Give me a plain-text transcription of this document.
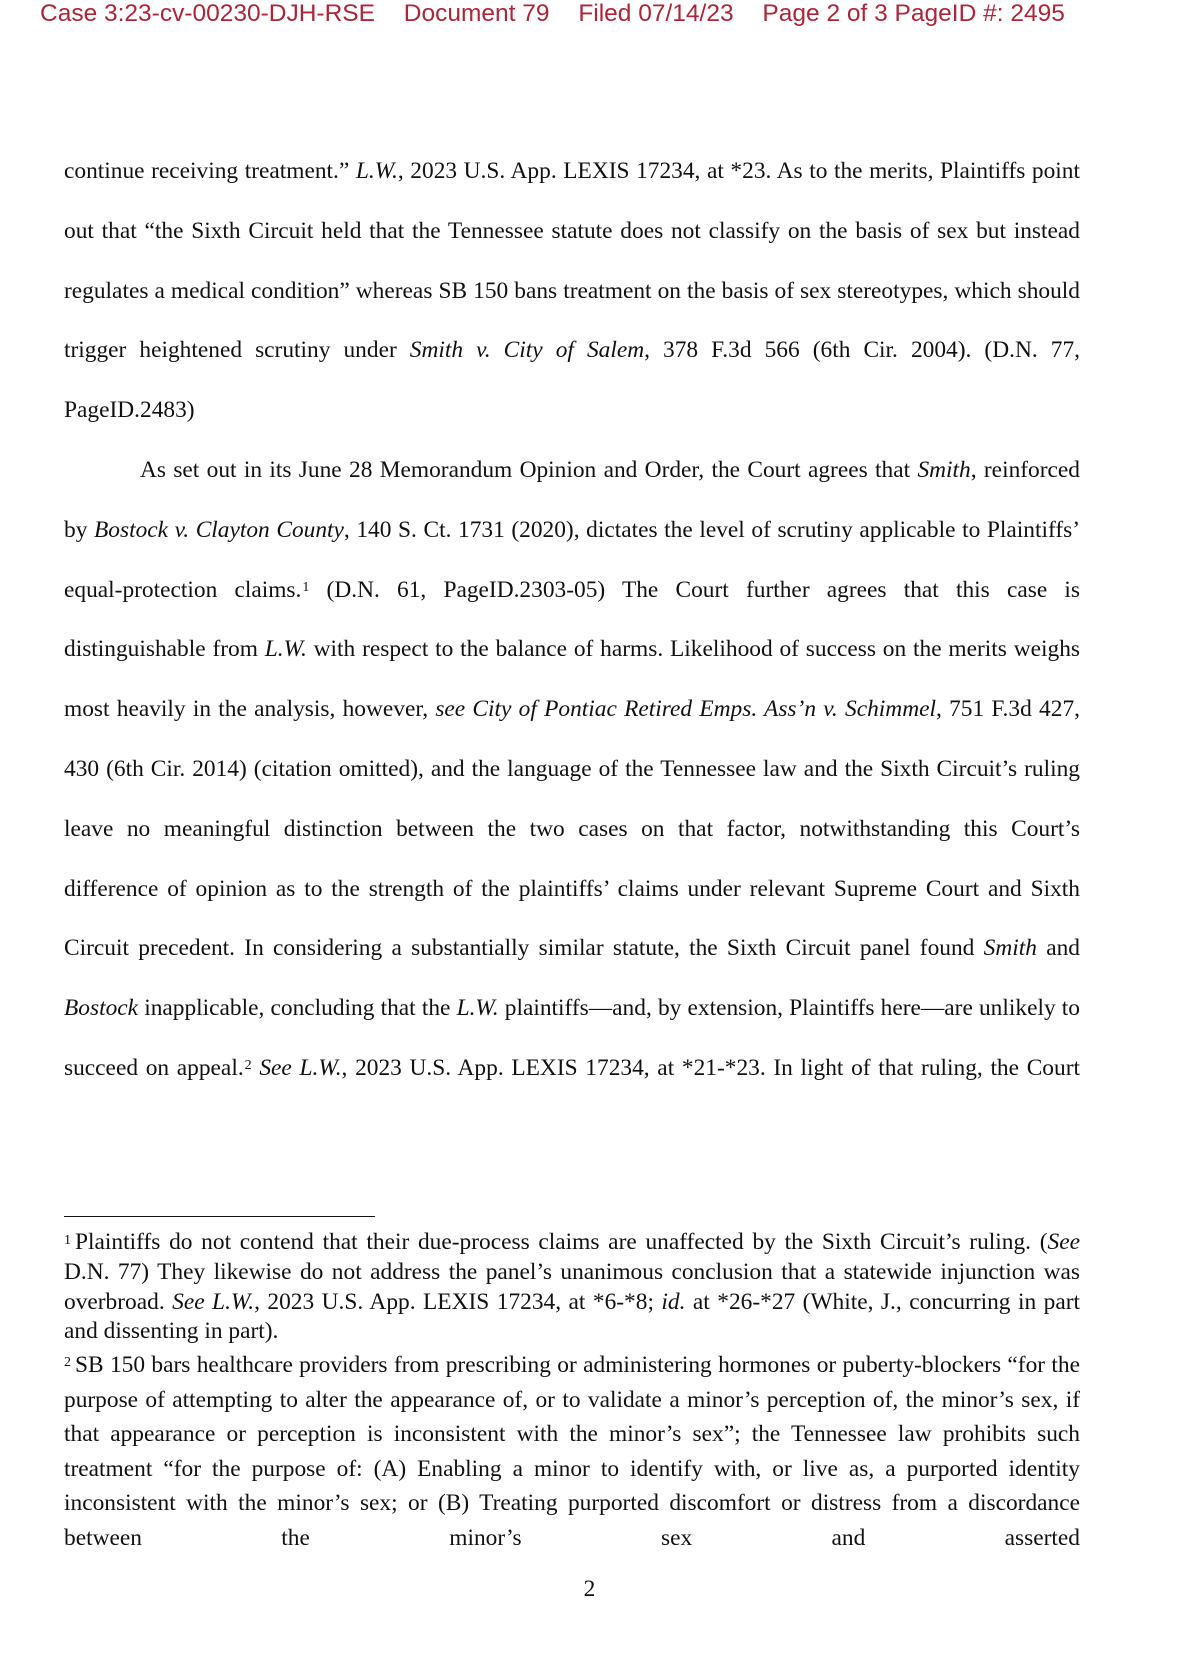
Case 3:23-cv-00230-DJH-RSE Document 79 Filed 07/14/23 Page 2 of 3 PageID #: 2495

continue receiving treatment.” L.W., 2023 U.S. App. LEXIS 17234, at *23. As to the merits, Plaintiffs point out that “the Sixth Circuit held that the Tennessee statute does not classify on the basis of sex but instead regulates a medical condition” whereas SB 150 bans treatment on the basis of sex stereotypes, which should trigger heightened scrutiny under Smith v. City of Salem, 378 F.3d 566 (6th Cir. 2004). (D.N. 77, PageID.2483)

As set out in its June 28 Memorandum Opinion and Order, the Court agrees that Smith, reinforced by Bostock v. Clayton County, 140 S. Ct. 1731 (2020), dictates the level of scrutiny applicable to Plaintiffs’ equal-protection claims.$^1$ (D.N. 61, PageID.2303-05) The Court further agrees that this case is distinguishable from L.W. with respect to the balance of harms. Likelihood of success on the merits weighs most heavily in the analysis, however, see City of Pontiac Retired Emps. Ass’n v. Schimmel, 751 F.3d 427, 430 (6th Cir. 2014) (citation omitted), and the language of the Tennessee law and the Sixth Circuit’s ruling leave no meaningful distinction between the two cases on that factor, notwithstanding this Court’s difference of opinion as to the strength of the plaintiffs’ claims under relevant Supreme Court and Sixth Circuit precedent. In considering a substantially similar statute, the Sixth Circuit panel found Smith and Bostock inapplicable, concluding that the L.W. plaintiffs—and, by extension, Plaintiffs here—are unlikely to succeed on appeal.$^2$ See L.W., 2023 U.S. App. LEXIS 17234, at *21-*23. In light of that ruling, the Court

$^1$ Plaintiffs do not contend that their due-process claims are unaffected by the Sixth Circuit’s ruling. (See D.N. 77) They likewise do not address the panel’s unanimous conclusion that a statewide injunction was overbroad. See L.W., 2023 U.S. App. LEXIS 17234, at *6-*8; id. at *26-*27 (White, J., concurring in part and dissenting in part).
$^2$ SB 150 bars healthcare providers from prescribing or administering hormones or puberty-blockers “for the purpose of attempting to alter the appearance of, or to validate a minor’s perception of, the minor’s sex, if that appearance or perception is inconsistent with the minor’s sex”; the Tennessee law prohibits such treatment “for the purpose of: (A) Enabling a minor to identify with, or live as, a purported identity inconsistent with the minor’s sex; or (B) Treating purported discomfort or distress from a discordance between the minor’s sex and asserted
2
